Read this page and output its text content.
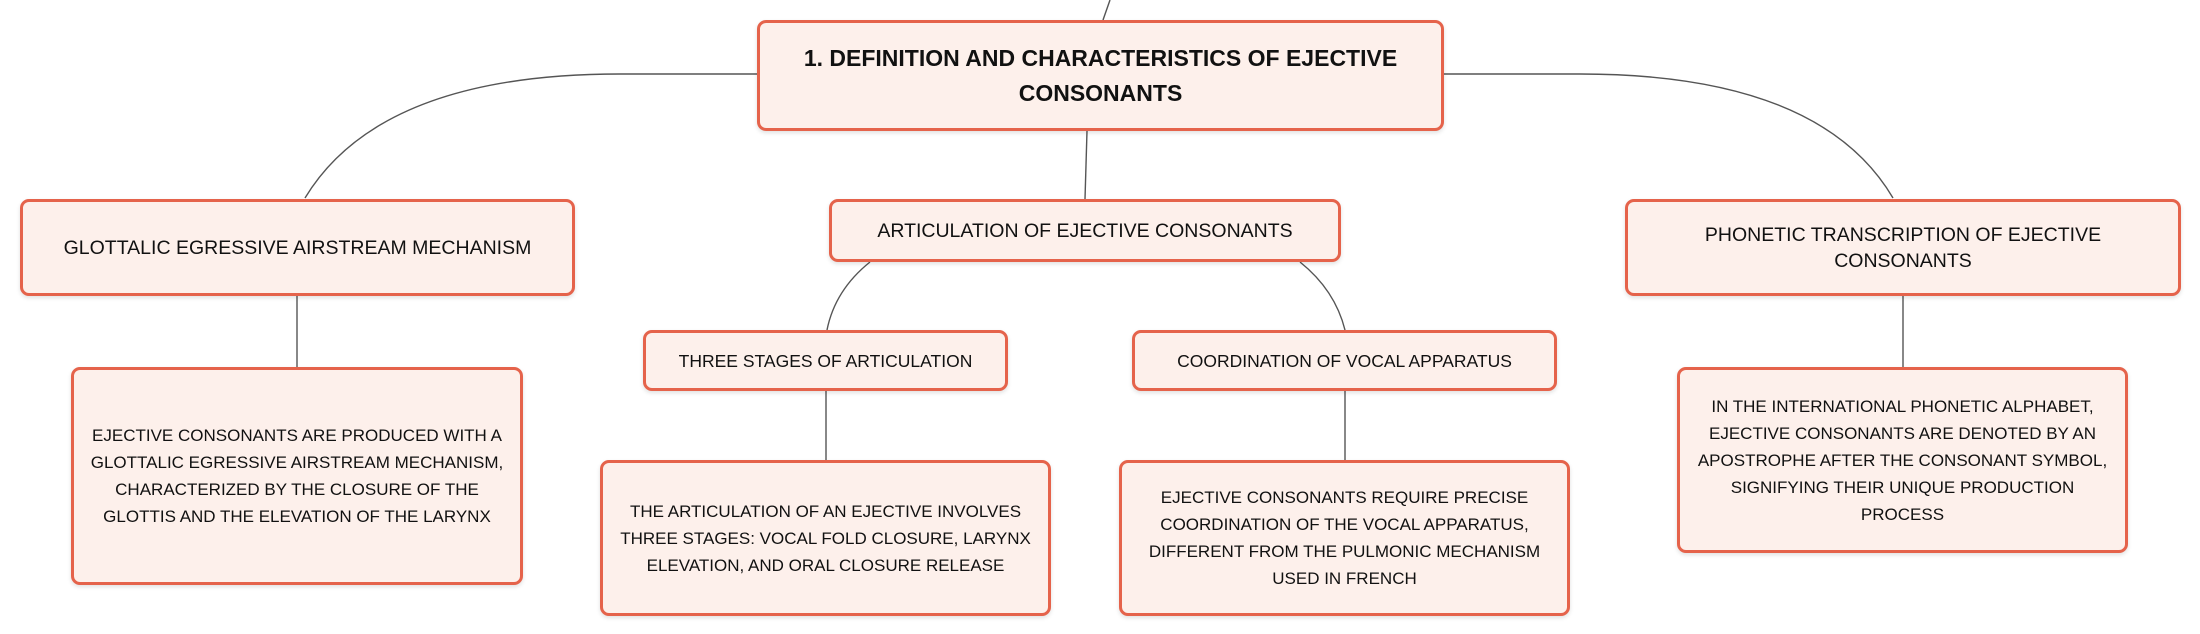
1. DEFINITION AND CHARACTERISTICS OF EJECTIVE CONSONANTS
GLOTTALIC EGRESSIVE AIRSTREAM MECHANISM
ARTICULATION OF EJECTIVE CONSONANTS	PHONETIC TRANSCRIPTION OF EJECTIVE CONSONANTS
THREE STAGES OF ARTICULATION	COORDINATION OF VOCAL APPARATUS
EJECTIVE CONSONANTS ARE PRODUCED WITH A GLOTTALIC EGRESSIVE AIRSTREAM MECHANISM, CHARACTERIZED BY THE CLOSURE OF THE GLOTTIS AND THE ELEVATION OF THE LARYNX	THE ARTICULATION OF AN EJECTIVE INVOLVES THREE STAGES: VOCAL FOLD CLOSURE, LARYNX ELEVATION, AND ORAL CLOSURE RELEASE
EJECTIVE CONSONANTS REQUIRE PRECISE COORDINATION OF THE VOCAL APPARATUS, DIFFERENT FROM THE PULMONIC MECHANISM USED IN FRENCH
IN THE INTERNATIONAL PHONETIC ALPHABET, EJECTIVE CONSONANTS ARE DENOTED BY AN APOSTROPHE AFTER THE CONSONANT SYMBOL, SIGNIFYING THEIR UNIQUE PRODUCTION PROCESS
